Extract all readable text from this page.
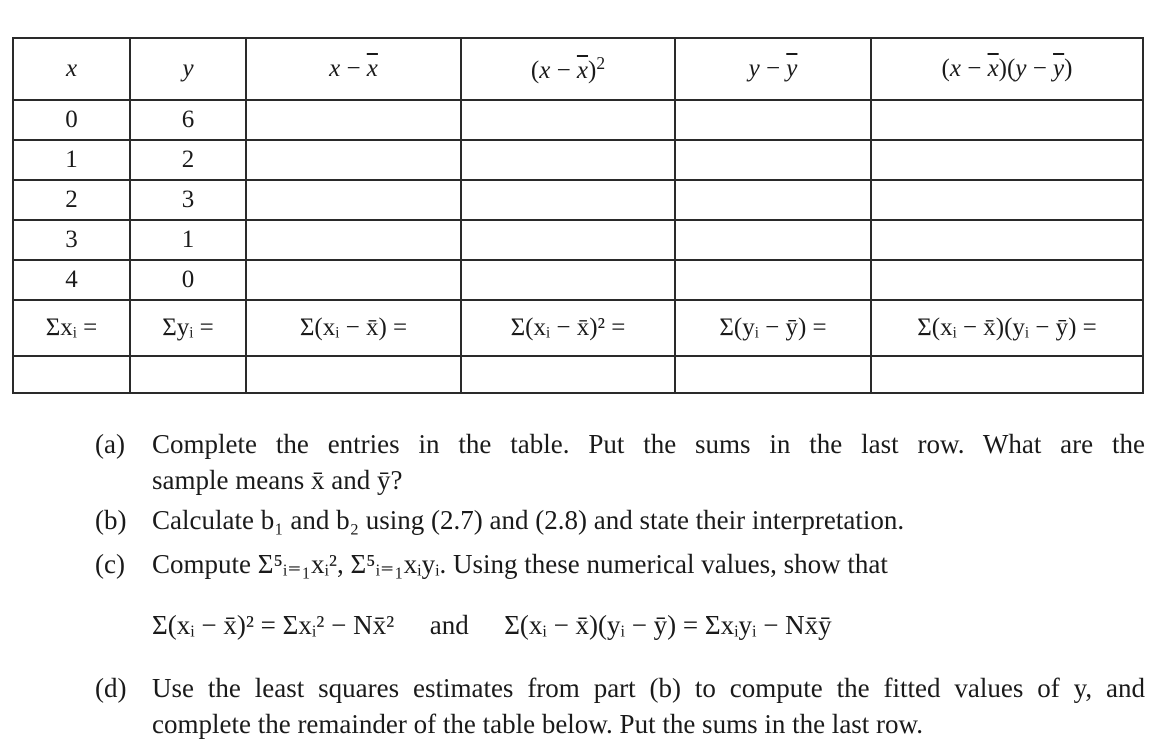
x	y	$x - \overline{x}$	$(x - \overline{x})^2$	$y - \overline{y}$	$(x - \overline{x})(y - \overline{y})$
0	6				
1	2				
2	3				
3	1				
4	0				
Σxᵢ =	Σyᵢ =	Σ(xᵢ − x̄) =	Σ(xᵢ − x̄)² =	Σ(yᵢ − ȳ) =	Σ(xᵢ − x̄)(yᵢ − ȳ) =

(a) Complete the entries in the table. Put the sums in the last row. What are the
sample means x̄ and ȳ?
(b) Calculate b₁ and b₂ using (2.7) and (2.8) and state their interpretation.
(c) Compute Σ⁵ᵢ₌₁xᵢ², Σ⁵ᵢ₌₁xᵢyᵢ. Using these numerical values, show that
Σ(xᵢ − x̄)² = Σxᵢ² − Nx̄² and Σ(xᵢ − x̄)(yᵢ − ȳ) = Σxᵢyᵢ − Nx̄ȳ
(d) Use the least squares estimates from part (b) to compute the fitted values of y, and
complete the remainder of the table below. Put the sums in the last row.
